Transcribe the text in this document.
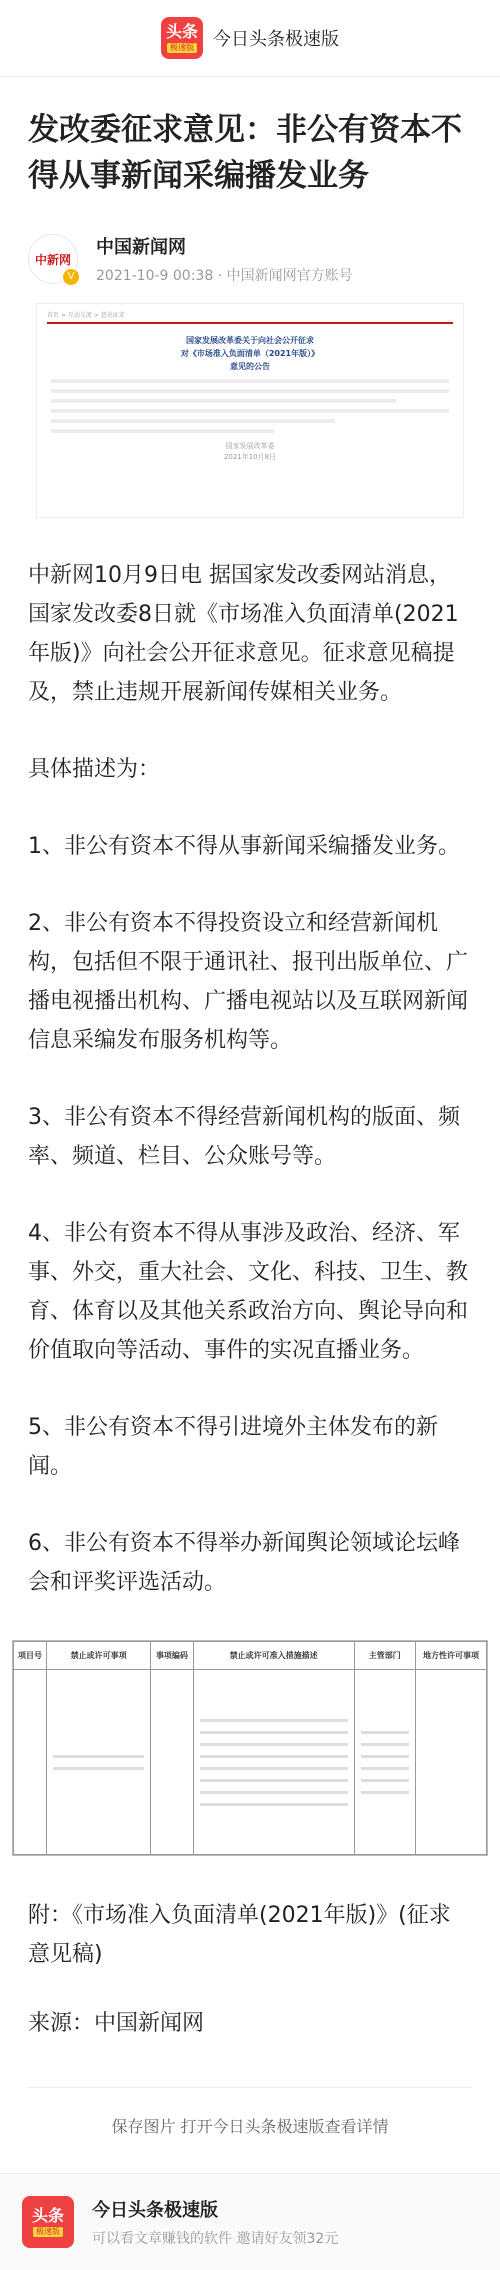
头条
极速版 今日头条极速版
发改委征求意见：非公有资本不得从事新闻采编播发业务
中新网
V
中国新闻网
2021-10-9 00:38 · 中国新闻网官方账号
首页 > 互动交流 > 意见征求
国家发展改革委关于向社会公开征求
对《市场准入负面清单（2021年版）》
意见的公告
国家发展改革委
2021年10月8日

中新网10月9日电 据国家发改委网站消息，国家发改委8日就《市场准入负面清单(2021年版)》向社会公开征求意见。征求意见稿提及，禁止违规开展新闻传媒相关业务。

具体描述为：

1、非公有资本不得从事新闻采编播发业务。

2、非公有资本不得投资设立和经营新闻机构，包括但不限于通讯社、报刊出版单位、广播电视播出机构、广播电视站以及互联网新闻信息采编发布服务机构等。

3、非公有资本不得经营新闻机构的版面、频率、频道、栏目、公众账号等。

4、非公有资本不得从事涉及政治、经济、军事、外交，重大社会、文化、科技、卫生、教育、体育以及其他关系政治方向、舆论导向和价值取向等活动、事件的实况直播业务。

5、非公有资本不得引进境外主体发布的新闻。

6、非公有资本不得举办新闻舆论领域论坛峰会和评奖评选活动。

项目号	禁止或许可事项	事项编码	禁止或许可准入措施描述	主管部门	地方性许可事项

附：《市场准入负面清单(2021年版)》(征求意见稿)

来源：中国新闻网

保存图片 打开今日头条极速版查看详情
头条
极速版
今日头条极速版
可以看文章赚钱的软件 邀请好友领32元
